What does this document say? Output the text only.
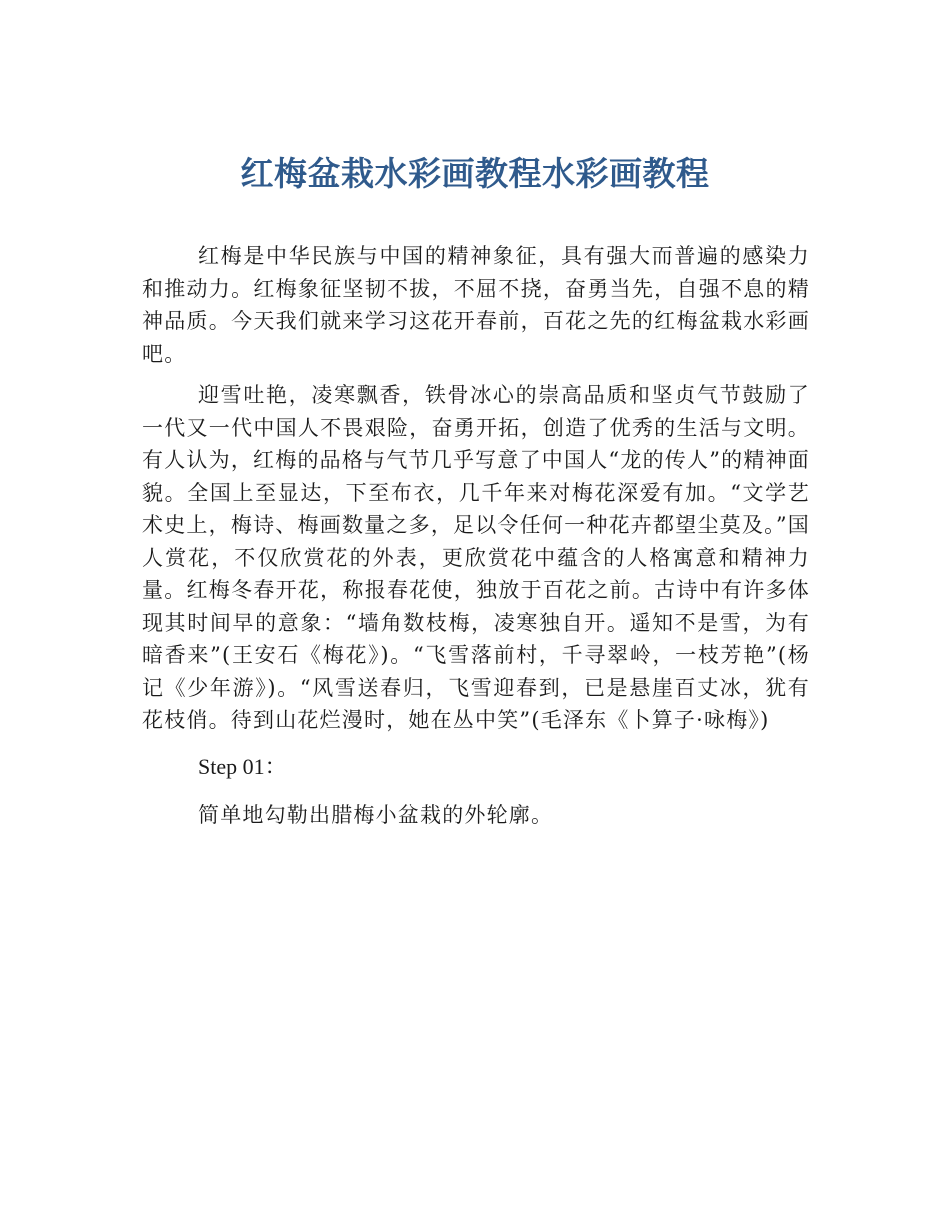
红梅盆栽水彩画教程水彩画教程

红梅是中华民族与中国的精神象征，具有强大而普遍的感染力和推动力。红梅象征坚韧不拔，不屈不挠，奋勇当先，自强不息的精神品质。今天我们就来学习这花开春前，百花之先的红梅盆栽水彩画吧。

迎雪吐艳，凌寒飘香，铁骨冰心的崇高品质和坚贞气节鼓励了一代又一代中国人不畏艰险，奋勇开拓，创造了优秀的生活与文明。有人认为，红梅的品格与气节几乎写意了中国人“龙的传人”的精神面貌。全国上至显达，下至布衣，几千年来对梅花深爱有加。“文学艺术史上，梅诗、梅画数量之多，足以令任何一种花卉都望尘莫及。”国人赏花，不仅欣赏花的外表，更欣赏花中蕴含的人格寓意和精神力量。红梅冬春开花，称报春花使，独放于百花之前。古诗中有许多体现其时间早的意象：“墙角数枝梅，凌寒独自开。遥知不是雪，为有暗香来”(王安石《梅花》)。“飞雪落前村，千寻翠岭，一枝芳艳”(杨记《少年游》)。“风雪送春归，飞雪迎春到，已是悬崖百丈冰，犹有花枝俏。待到山花烂漫时，她在丛中笑”(毛泽东《卜算子·咏梅》)

Step 01：

简单地勾勒出腊梅小盆栽的外轮廓。
